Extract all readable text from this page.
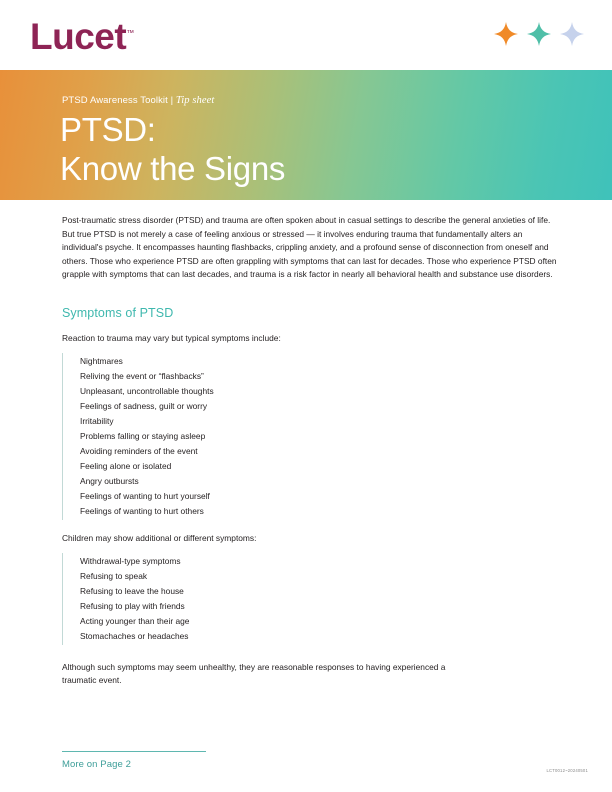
Lucet™
PTSD Awareness Toolkit | Tip sheet
PTSD:
Know the Signs

Post-traumatic stress disorder (PTSD) and trauma are often spoken about in casual settings to describe the general anxieties of life. But true PTSD is not merely a case of feeling anxious or stressed — it involves enduring trauma that fundamentally alters an individual's psyche. It encompasses haunting flashbacks, crippling anxiety, and a profound sense of disconnection from oneself and others. Those who experience PTSD are often grappling with symptoms that can last for decades. Those who experience PTSD often grapple with symptoms that can last decades, and trauma is a risk factor in nearly all behavioral health and substance use disorders.

Symptoms of PTSD

Reaction to trauma may vary but typical symptoms include:

Nightmares
Reliving the event or “flashbacks”
Unpleasant, uncontrollable thoughts
Feelings of sadness, guilt or worry
Irritability
Problems falling or staying asleep
Avoiding reminders of the event
Feeling alone or isolated
Angry outbursts
Feelings of wanting to hurt yourself
Feelings of wanting to hurt others

Children may show additional or different symptoms:

Withdrawal-type symptoms
Refusing to speak
Refusing to leave the house
Refusing to play with friends
Acting younger than their age
Stomachaches or headaches

Although such symptoms may seem unhealthy, they are reasonable responses to having experienced a traumatic event.

More on Page 2
LCT0012~20240501
